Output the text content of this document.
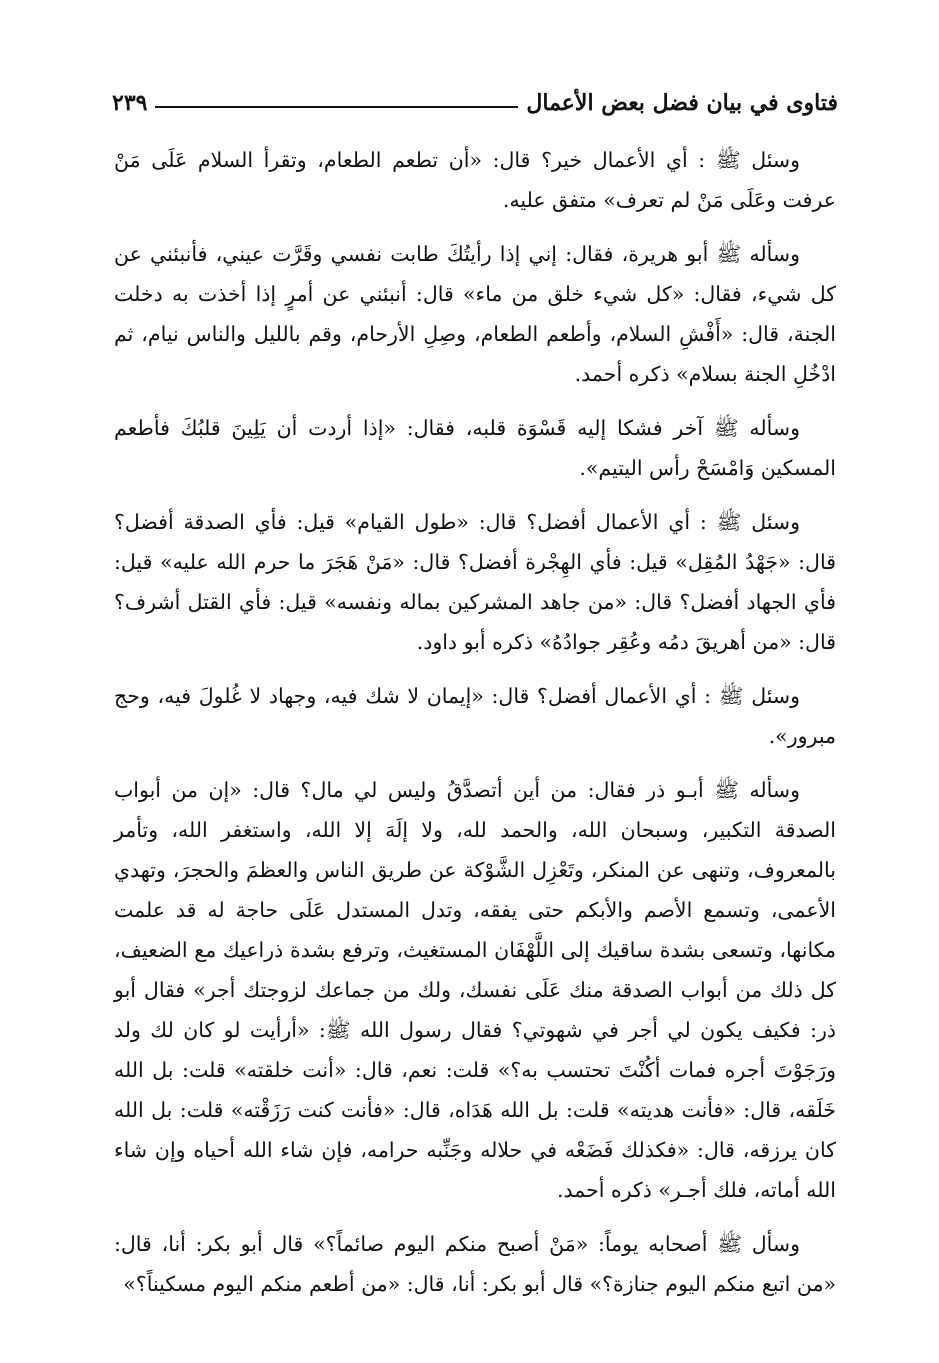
فتاوى في بيان فضل بعض الأعمال
٢٣٩

وسئل ﷺ : أي الأعمال خير؟ قال: «أن تطعم الطعام، وتقرأ السلام عَلَى مَنْ عرفت وعَلَى مَنْ لم تعرف» متفق عليه.

وسأله ﷺ أبو هريرة، فقال: إني إذا رأيتُكَ طابت نفسي وقَرَّت عيني، فأنبئني عن كل شيء، فقال: «كل شيء خلق من ماء» قال: أنبئني عن أمرٍ إذا أخذت به دخلت الجنة، قال: «أَفْشِ السلام، وأطعم الطعام، وصِلِ الأرحام، وقم بالليل والناس نيام، ثم ادْخُلِ الجنة بسلام» ذكره أحمد.

وسأله ﷺ آخر فشكا إليه قَسْوَة قلبه، فقال: «إذا أردت أن يَلِينَ قلبُكَ فأطعم المسكين وَامْسَحْ رأس اليتيم».

وسئل ﷺ : أي الأعمال أفضل؟ قال: «طول القيام» قيل: فأي الصدقة أفضل؟ قال: «جَهْدُ المُقِل» قيل: فأي الهِجْرة أفضل؟ قال: «مَنْ هَجَرَ ما حرم الله عليه» قيل: فأي الجهاد أفضل؟ قال: «من جاهد المشركين بماله ونفسه» قيل: فأي القتل أشرف؟ قال: «من أهريقَ دمُه وعُقِر جوادُهُ» ذكره أبو داود.

وسئل ﷺ : أي الأعمال أفضل؟ قال: «إيمان لا شك فيه، وجهاد لا غُلولَ فيه، وحج مبرور».

وسأله ﷺ أبـو ذر فقال: من أين أتصدَّقُ وليس لي مال؟ قال: «إن من أبواب الصدقة التكبير، وسبحان الله، والحمد لله، ولا إلَهَ إلا الله، واستغفر الله، وتأمر بالمعروف، وتنهى عن المنكر، وتَعْزِل الشَّوْكة عن طريق الناس والعظمَ والحجرَ، وتهدي الأعمى، وتسمع الأصم والأبكم حتى يفقه، وتدل المستدل عَلَى حاجة له قد علمت مكانها، وتسعى بشدة ساقيك إلى اللَّهْفَان المستغيث، وترفع بشدة ذراعيك مع الضعيف، كل ذلك من أبواب الصدقة منك عَلَى نفسك، ولك من جماعك لزوجتك أجر» فقال أبو ذر: فكيف يكون لي أجر في شهوتي؟ فقال رسول الله ﷺ: «أرأيت لو كان لك ولد ورَجَوْتَ أجره فمات أكُنْتَ تحتسب به؟» قلت: نعم، قال: «أنت خلقته» قلت: بل الله خَلَقه، قال: «فأنت هديته» قلت: بل الله هَدَاه، قال: «فأنت كنت رَزَقْته» قلت: بل الله كان يرزقه، قال: «فكذلك فَضَعْه في حلاله وجَنِّبه حرامه، فإن شاء الله أحياه وإن شاء الله أماته، فلك أجـر» ذكره أحمد.

وسأل ﷺ أصحابه يوماً: «مَنْ أصبح منكم اليوم صائماً؟» قال أبو بكر: أنا، قال: «من اتبع منكم اليوم جنازة؟» قال أبو بكر: أنا، قال: «من أطعم منكم اليوم مسكيناً؟»
